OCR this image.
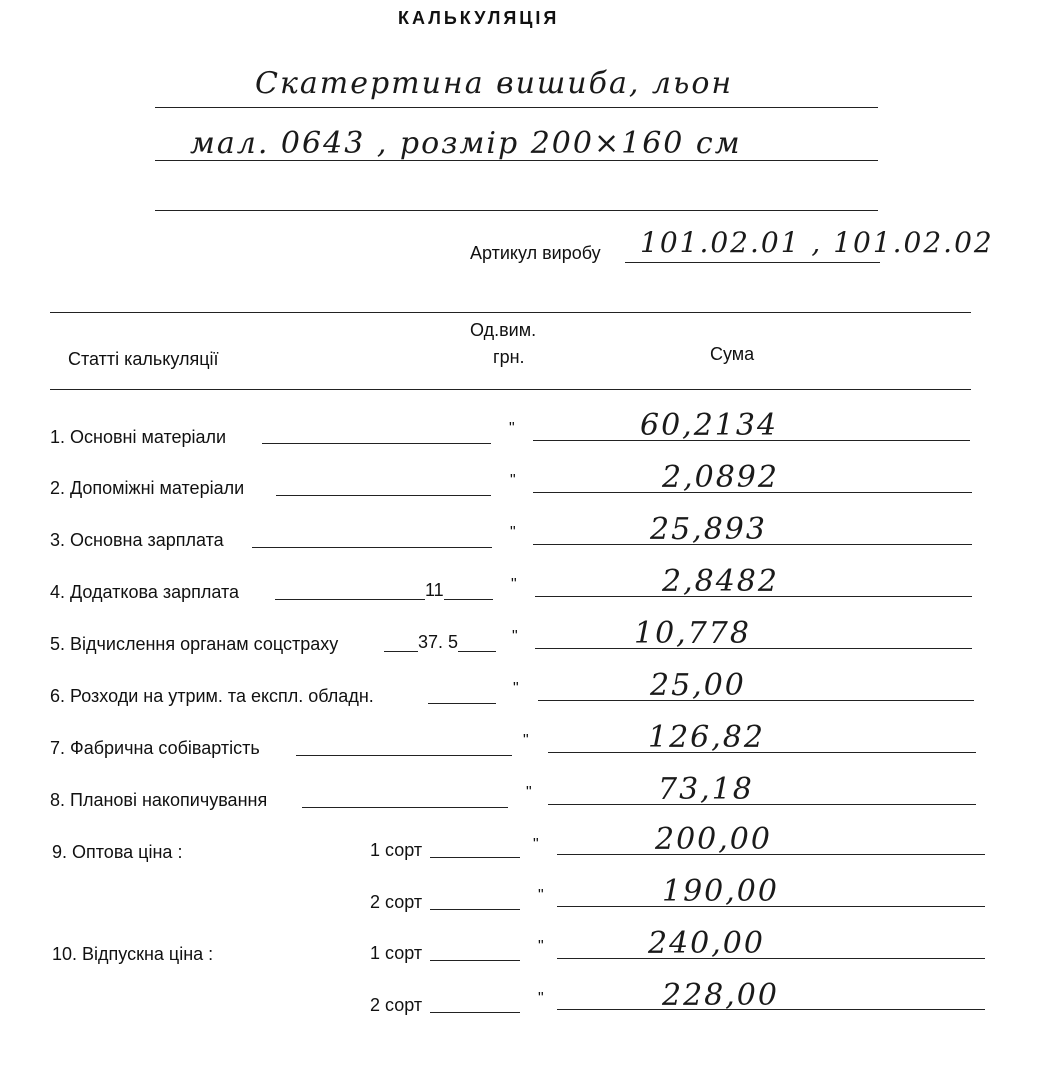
КАЛЬКУЛЯЦІЯ
Скатертина вишиба, льон
мал. 0643 , розмір 200×160 см
Артикул виробу 101.02.01 , 101.02.02
Статті калькуляції
Од.вим.
грн.	Сума
1. Основні матеріали	"	60,2134
2. Допоміжні матеріали	"	2,0892
3. Основна зарплата	"	25,893
4. Додаткова зарплата	11	"	2,8482
5. Відчислення органам соцстраху	37. 5	"	10,778
6. Розходи на утрим. та експл. обладн.	"	25,00
7. Фабрична собівартість	"	126,82
8. Планові накопичування	"	73,18
9. Оптова ціна :	1 сорт	"	200,00
2 сорт	"	190,00
10. Відпускна ціна :	1 сорт	"	240,00
2 сорт	"	228,00
